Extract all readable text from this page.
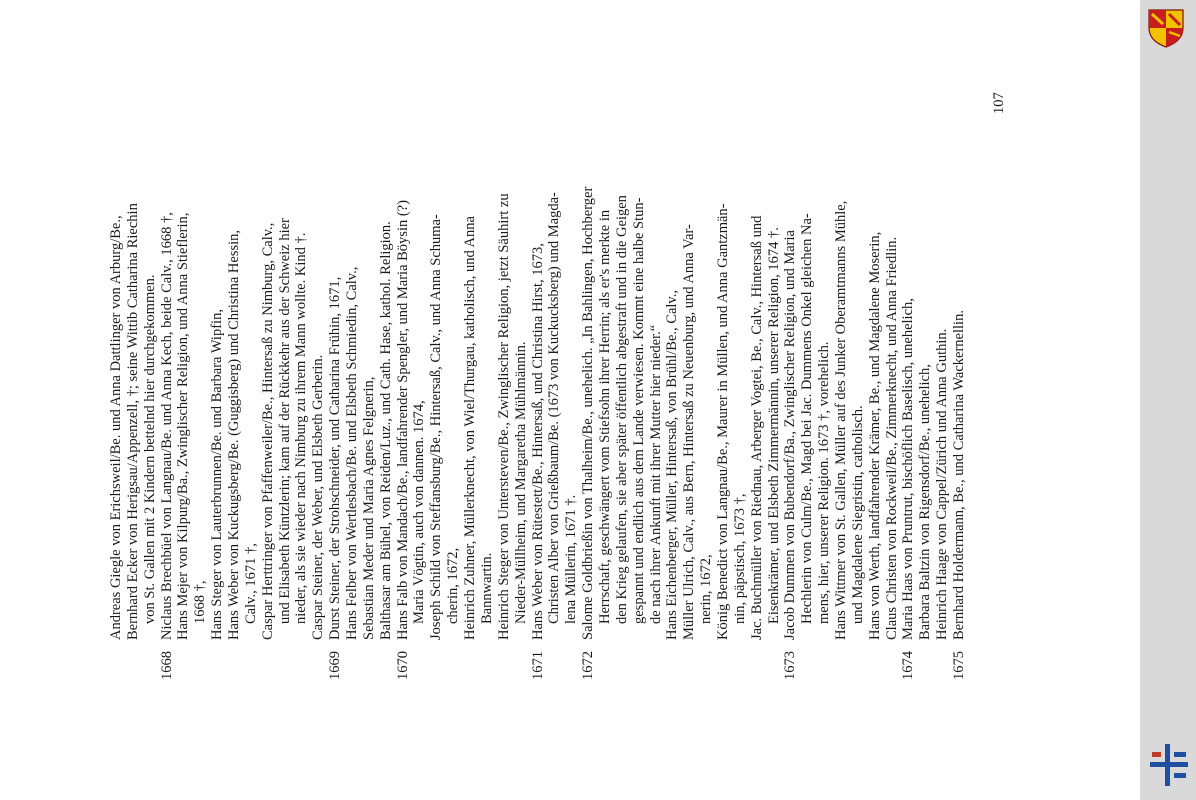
Andreas Giegle von Erichsweil/Be. und Anna Dattlinger von Arburg/Be., Bernhard Ecker von Herigsau/Appenzell, †; seine Wittib Catharina Riechin von St. Gallen mit 2 Kindern bettelnd hier durchgekommen.
1668
Niclaus Brechbüel von Langnau/Be. und Anna Kech, beide Calv., 1668 †, Hans Mejer von Kilpurg/Ba., Zwinglischer Religion, und Anna Stieflerin, 1668 †, Hans Steger von Lauterbrunnen/Be. und Barbara Wipfin, Hans Weber von Kuckugsberg/Be. (Guggisberg) und Christina Hessin, Calv., 1671 †, Caspar Herttringer von Pfaffenweiler/Be., Hintersaß zu Nimburg, Calv., und Elisabeth Küntzlerin; kam auf der Rückkehr aus der Schweiz hier nieder, als sie wieder nach Nimburg zu ihrem Mann wollte. Kind †. Caspar Steiner, der Weber, und Elsbeth Gerberin.
1669
Durst Steiner, der Strohschneider, und Catharina Frühin, 1671, Hans Felber von Wertlesbach/Be. und Elsbeth Schmiedin, Calv., Sebastian Meder und Maria Agnes Felgnerin, Balthasar am Bühel, von Reiden/Luz., und Cath. Hase, kathol. Religion.
1670
Hans Falb von Mandach/Be., landfahrender Spengler, und Maria Böysin (?) Maria Vögtin, auch von dannen. 1674, Joseph Schild von Steffansburg/Be., Hintersaß, Calv., und Anna Schuma- cherin, 1672, Heinrich Zuhner, Müllerknecht, von Wiel/Thurgau, katholisch, und Anna Bannwartin. Heinrich Steger von Untersteven/Be., Zwinglischer Religion, jetzt Säuhirt zu Nieder-Müllheim, und Margaretha Mühlmännin.
1671
Hans Weber von Rütestett/Be., Hintersaß, und Christina Hirst, 1673, Christen Alber von Grießbaum/Be. (1673 von Kuckucksberg) und Magda- lena Müllerin, 1671 †.
1672
Salome Goldbrießin von Thalheim/Be., unehelich. „In Bahlingen, Hochberger Herrschaft, geschwängert vom Stiefsohn ihrer Herrin; als er's merkte in den Krieg gelaufen, sie aber später öffentlich abgestraft und in die Geigen gespannt und endlich aus dem Lande verwiesen. Kommt eine halbe Stun- de nach ihrer Ankunft mit ihrer Mutter hier nieder.“ Hans Eichenberger, Müller, Hintersaß, von Brühl/Be., Calv., Müller Ulrich, Calv., aus Bern, Hintersaß zu Neuenburg, und Anna Var- nerin, 1672, König Benedict von Langnau/Be., Maurer in Müllen, und Anna Gantzmän- nin, päpstisch, 1673 †, Jac. Buchmüller von Riednau, Arberger Vogtei, Be., Calv., Hintersaß und Eisenkrämer, und Elsbeth Zimmermännin, unserer Religion, 1674 †.
1673
Jacob Dummen von Bubendorf/Ba., Zwinglischer Religion, und Maria Hechlerin von Culm/Be., Magd bei Jac. Dummens Onkel gleichen Na- mens, hier, unserer Religion. 1673 †, vorehelich. Hans Wittmer von St. Gallen, Müller auf des Junker Oberamtmanns Mühle, und Magdalene Siegristin, catholisch. Hans von Werth, landfahrender Krämer, Be., und Magdalene Moserin, Claus Christen von Rockweil/Be., Zimmerknecht, und Anna Friedlin.
1674
Maria Haas von Pruntrut, bischöflich Baselisch, unehelich, Barbara Baltzin von Rigensdorf/Be., unehelich, Heinrich Haage von Cappel/Zürich und Anna Guthin.
1675
Bernhard Holdermann, Be., und Catharina Wackernellin.
107
